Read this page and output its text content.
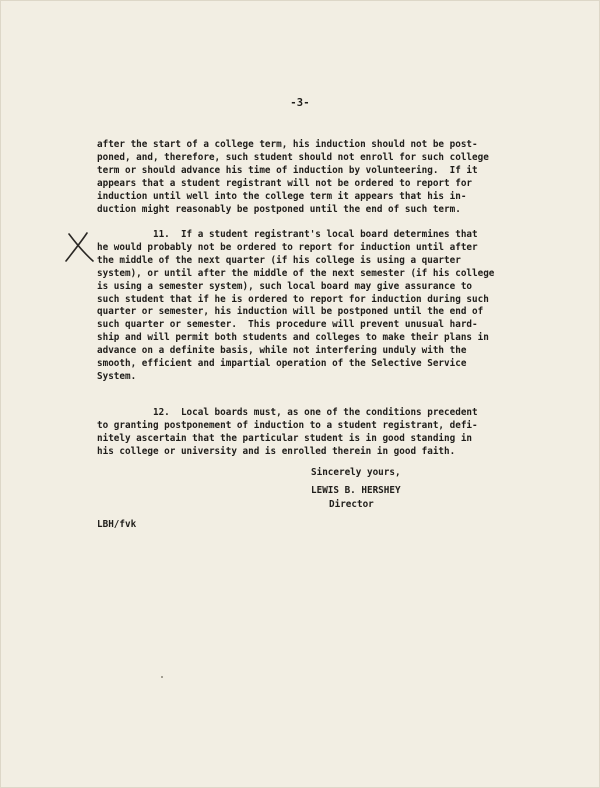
-3-
after the start of a college term, his induction should not be post-
poned, and, therefore, such student should not enroll for such college
term or should advance his time of induction by volunteering.  If it
appears that a student registrant will not be ordered to report for
induction until well into the college term it appears that his in-
duction might reasonably be postponed until the end of such term.
11.  If a student registrant's local board determines that
he would probably not be ordered to report for induction until after
the middle of the next quarter (if his college is using a quarter
system), or until after the middle of the next semester (if his college
is using a semester system), such local board may give assurance to
such student that if he is ordered to report for induction during such
quarter or semester, his induction will be postponed until the end of
such quarter or semester.  This procedure will prevent unusual hard-
ship and will permit both students and colleges to make their plans in
advance on a definite basis, while not interfering unduly with the
smooth, efficient and impartial operation of the Selective Service
System.
12.  Local boards must, as one of the conditions precedent
to granting postponement of induction to a student registrant, defi-
nitely ascertain that the particular student is in good standing in
his college or university and is enrolled therein in good faith.
Sincerely yours,
LEWIS B. HERSHEY
Director
LBH/fvk
